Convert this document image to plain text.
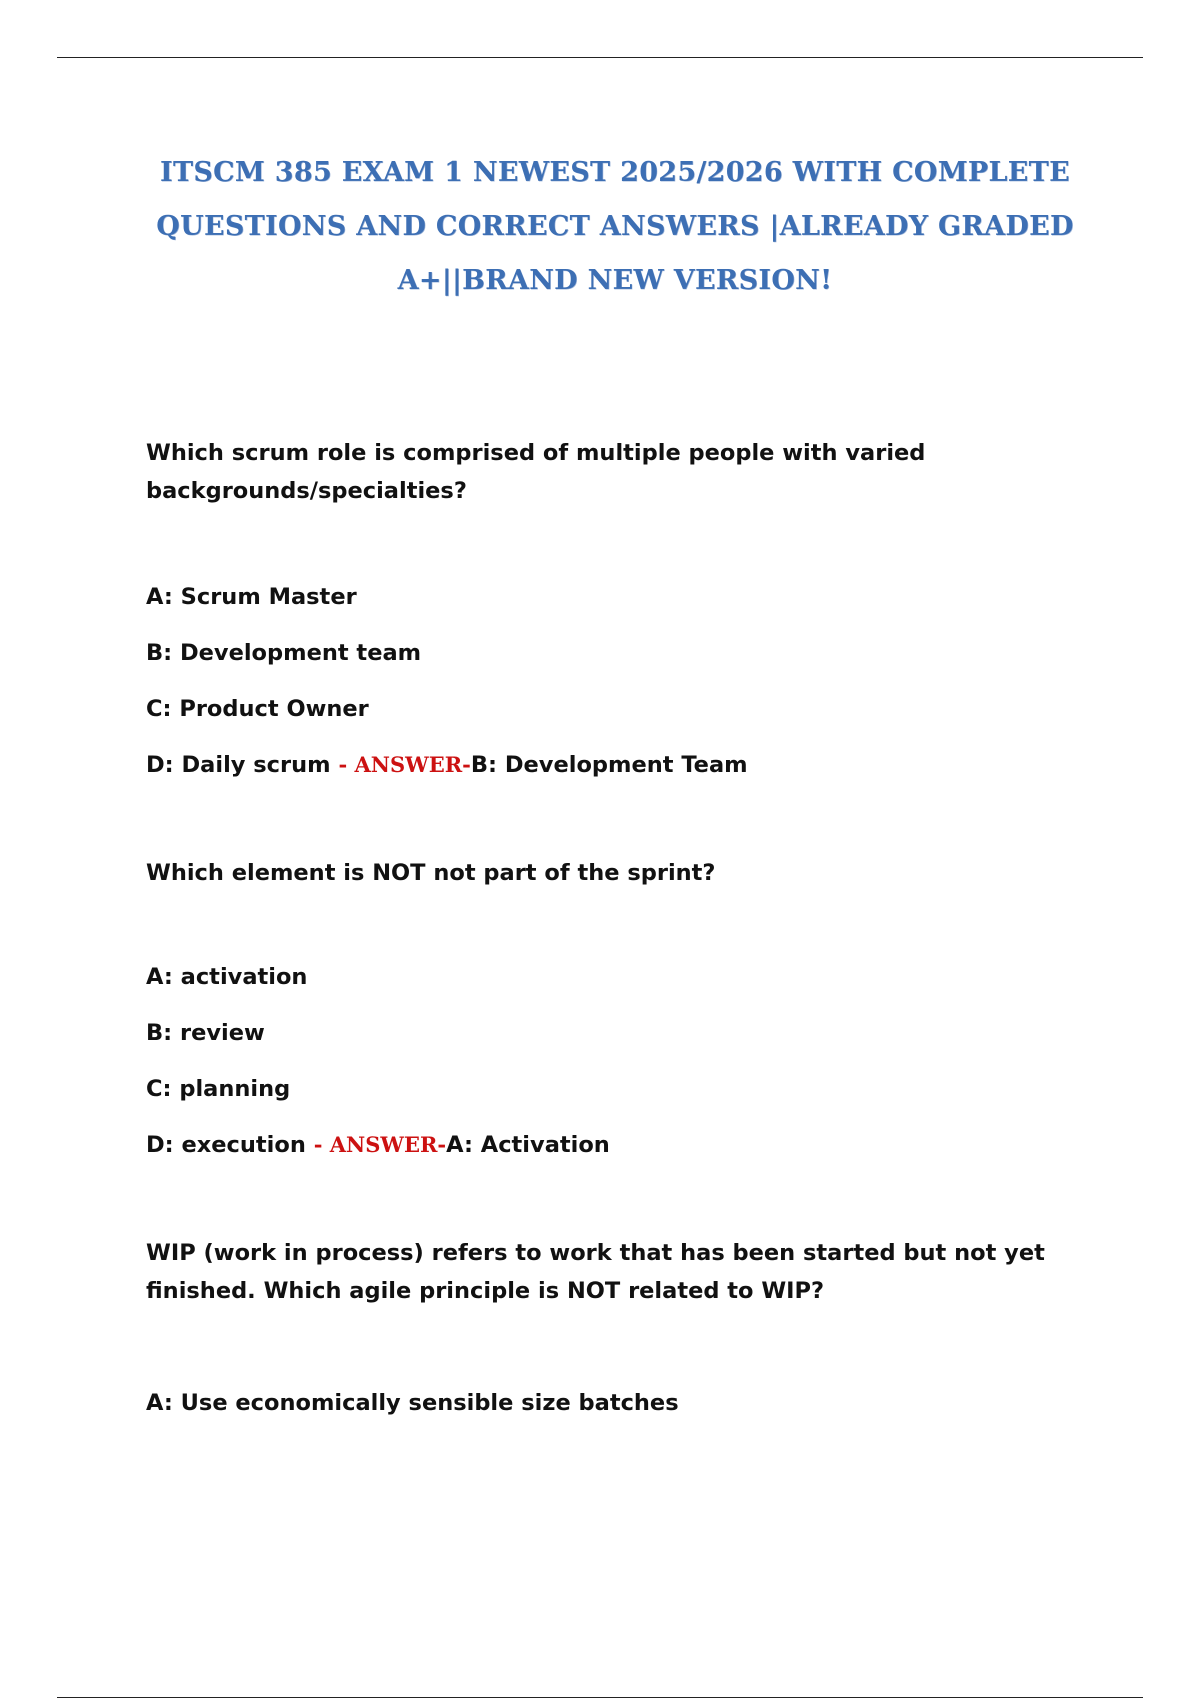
ITSCM 385 EXAM 1 NEWEST 2025/2026 WITH COMPLETE QUESTIONS AND CORRECT ANSWERS |ALREADY GRADED A+||BRAND NEW VERSION!

Which scrum role is comprised of multiple people with varied backgrounds/specialties?

A: Scrum Master

B: Development team

C: Product Owner

D: Daily scrum - ANSWER-B: Development Team

Which element is NOT not part of the sprint?

A: activation

B: review

C: planning

D: execution - ANSWER-A: Activation

WIP (work in process) refers to work that has been started but not yet finished. Which agile principle is NOT related to WIP?

A: Use economically sensible size batches
